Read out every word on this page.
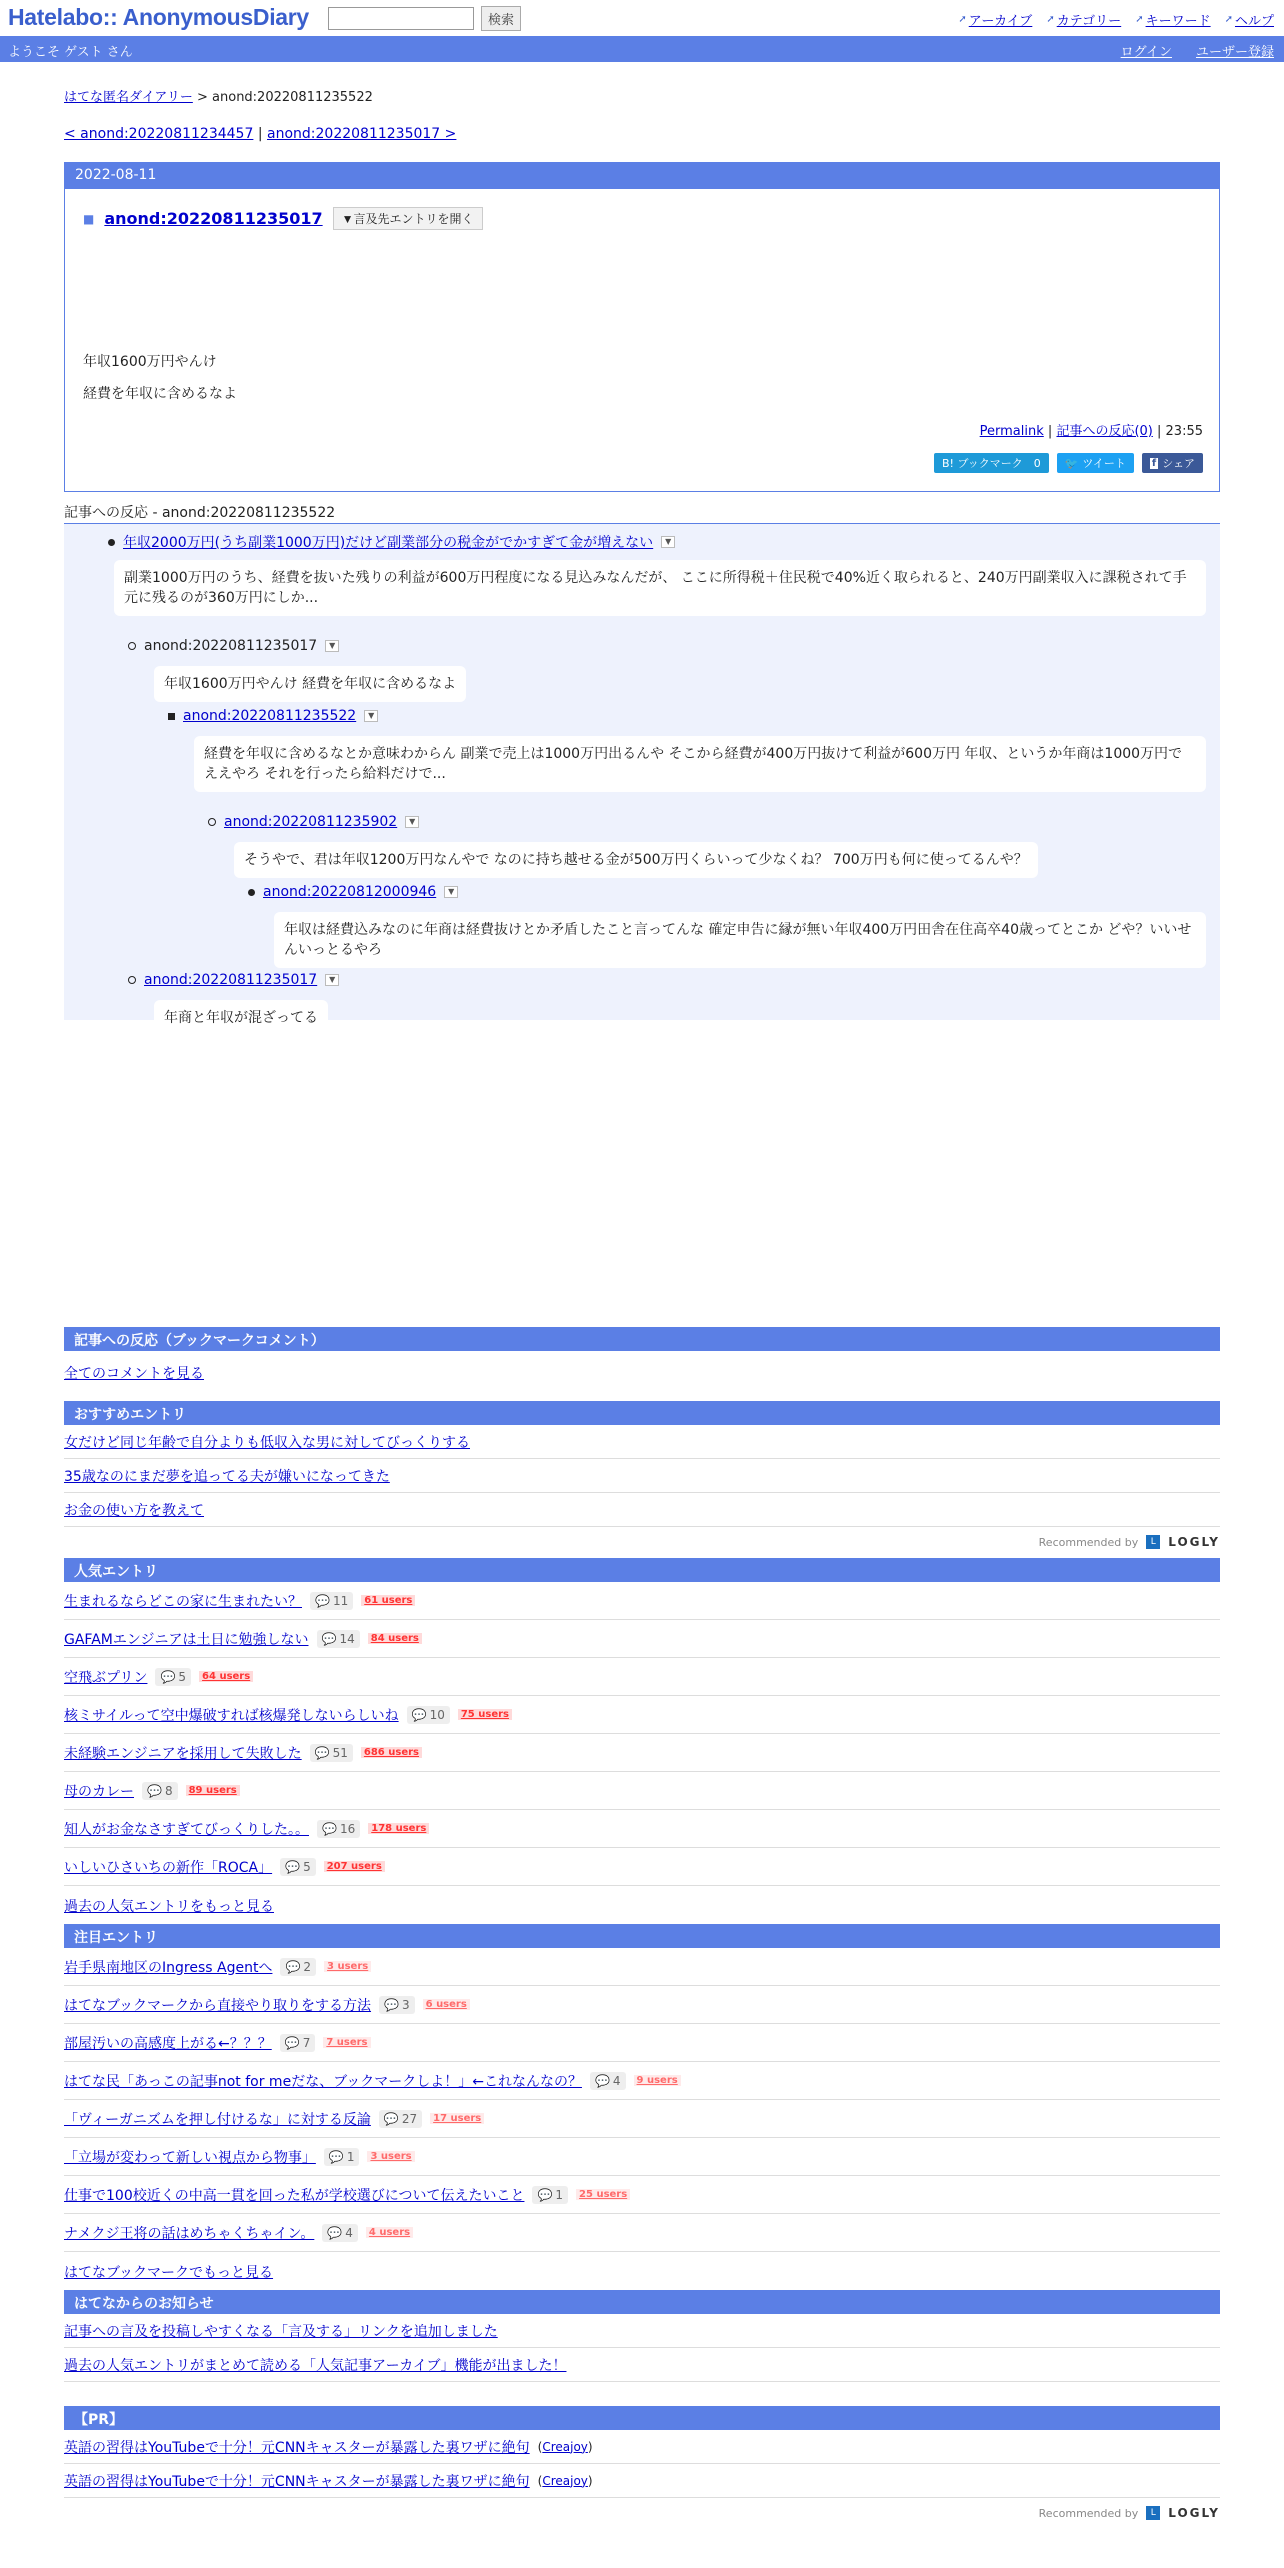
Hatelabo:: AnonymousDiary	検索	➚ アーカイブ ➚ カテゴリー ➚ キーワード ➚ ヘルプ
ようこそ ゲスト さん	ログイン ユーザー登録
はてな匿名ダイアリー > anond:20220811235522
< anond:20220811234457 | anond:20220811235017 >
2022-08-11
■ anond:20220811235017	▼言及先エントリを開く
年収1600万円やんけ
経費を年収に含めるなよ
Permalink | 記事への反応(0) | 23:55
B! ブックマーク　0 🐦 ツイート	f シェア
記事への反応 - anond:20220811235522
年収2000万円(うち副業1000万円)だけど副業部分の税金がでかすぎて金が増えない	▼
副業1000万円のうち、経費を抜いた残りの利益が600万円程度になる見込みなんだが、 ここに所得税＋住民税で40%近く取られると、240万円副業収入に課税されて手元に残るのが360万円にしか...
anond:20220811235017	▼
年収1600万円やんけ 経費を年収に含めるなよ
anond:20220811235522	▼
経費を年収に含めるなとか意味わからん 副業で売上は1000万円出るんや そこから経費が400万円抜けて利益が600万円 年収、というか年商は1000万円でええやろ それを行ったら給料だけで...
anond:20220811235902	▼
そうやで、君は年収1200万円なんやで なのに持ち越せる金が500万円くらいって少なくね？ 700万円も何に使ってるんや？
anond:20220812000946	▼
年収は経費込みなのに年商は経費抜けとか矛盾したこと言ってんな 確定申告に縁が無い年収400万円田舎在住高卒40歳ってとこか どや？いいせんいっとるやろ
anond:20220811235017	▼
年商と年収が混ざってる
記事への反応（ブックマークコメント）
全てのコメントを見る
おすすめエントリ
女だけど同じ年齢で自分よりも低収入な男に対してびっくりする
35歳なのにまだ夢を追ってる夫が嫌いになってきた
お金の使い方を教えて
Recommended by	L	LOGLY
人気エントリ
生まれるならどこの家に生まれたい？ 💬 11	61 users
GAFAMエンジニアは土日に勉強しない 💬 14	84 users
空飛ぶプリン 💬 5	64 users
核ミサイルって空中爆破すれば核爆発しないらしいね 💬 10	75 users
未経験エンジニアを採用して失敗した 💬 51	686 users
母のカレー 💬 8	89 users
知人がお金なさすぎてびっくりした。。 💬 16	178 users
いしいひさいちの新作「ROCA」 💬 5	207 users
過去の人気エントリをもっと見る
注目エントリ
岩手県南地区のIngress Agentへ 💬 2	3 users
はてなブックマークから直接やり取りをする方法 💬 3	6 users
部屋汚いの高感度上がる←？？？ 💬 7	7 users
はてな民「あっこの記事not for meだな、ブックマークしよ！」←これなんなの？ 💬 4	9 users
「ヴィーガニズムを押し付けるな」に対する反論 💬 27	17 users
「立場が変わって新しい視点から物事」 💬 1	3 users
仕事で100校近くの中高一貫を回った私が学校選びについて伝えたいこと 💬 1	25 users
ナメクジ王将の話はめちゃくちゃイン。 💬 4	4 users
はてなブックマークでもっと見る
はてなからのお知らせ
記事への言及を投稿しやすくなる「言及する」リンクを追加しました
過去の人気エントリがまとめて読める「人気記事アーカイブ」機能が出ました！
【PR】
英語の習得はYouTubeで十分！元CNNキャスターが暴露した裏ワザに絶句 (Creajoy)
英語の習得はYouTubeで十分！元CNNキャスターが暴露した裏ワザに絶句 (Creajoy)
Recommended by	L	LOGLY
